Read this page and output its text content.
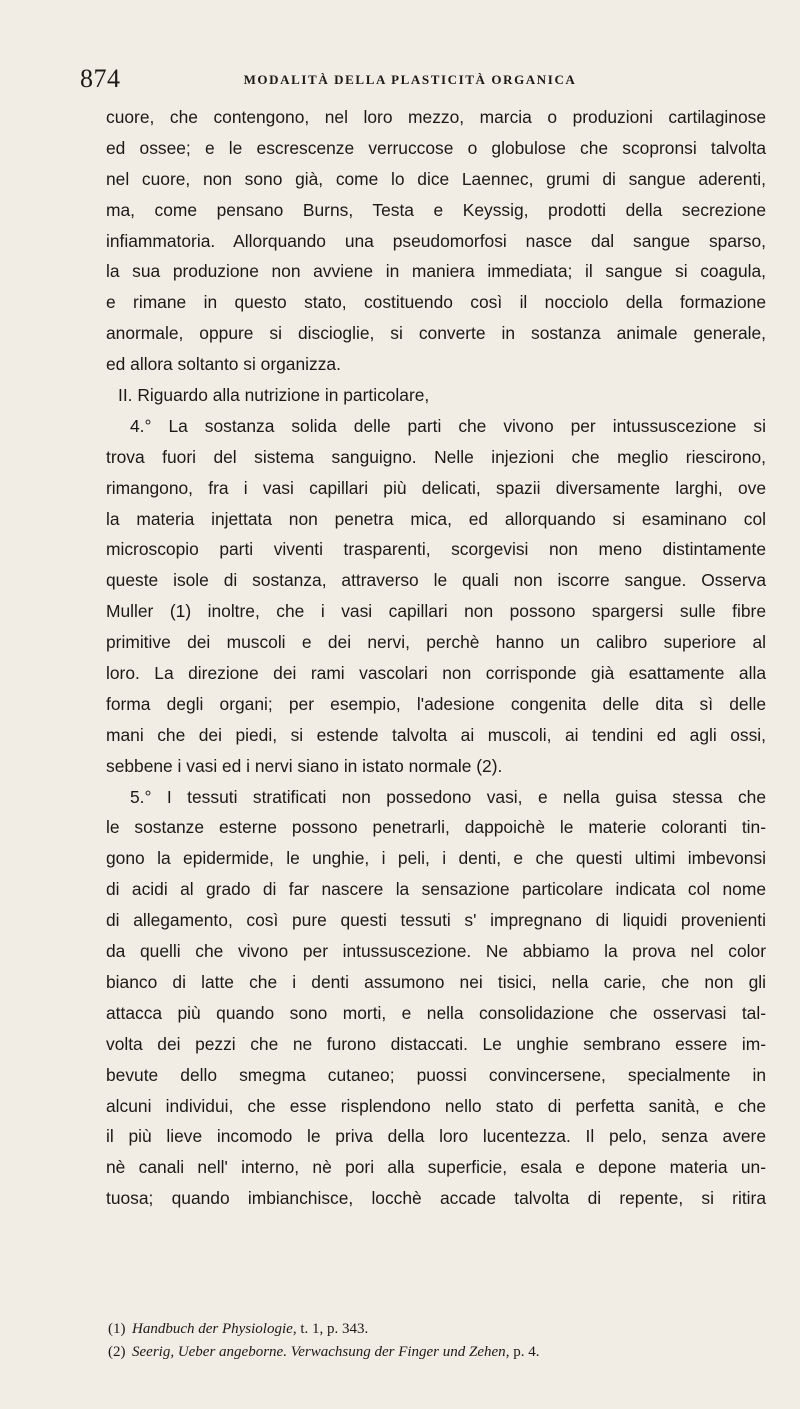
874	MODALITÀ DELLA PLASTICITÀ ORGANICA
cuore, che contengono, nel loro mezzo, marcia o produzioni cartilaginose
ed ossee; e le escrescenze verruccose o globulose che scopronsi talvolta
nel cuore, non sono già, come lo dice Laennec, grumi di sangue aderenti,
ma, come pensano Burns, Testa e Keyssig, prodotti della secrezione
infiammatoria. Allorquando una pseudomorfosi nasce dal sangue sparso,
la sua produzione non avviene in maniera immediata; il sangue si coagula,
e rimane in questo stato, costituendo così il nocciolo della formazione
anormale, oppure si discioglie, si converte in sostanza animale generale,
ed allora soltanto si organizza.
II. Riguardo alla nutrizione in particolare,
4.° La sostanza solida delle parti che vivono per intussuscezione si
trova fuori del sistema sanguigno. Nelle injezioni che meglio riescirono,
rimangono, fra i vasi capillari più delicati, spazii diversamente larghi, ove
la materia injettata non penetra mica, ed allorquando si esaminano col
microscopio parti viventi trasparenti, scorgevisi non meno distintamente
queste isole di sostanza, attraverso le quali non iscorre sangue. Osserva
Muller (1) inoltre, che i vasi capillari non possono spargersi sulle fibre
primitive dei muscoli e dei nervi, perchè hanno un calibro superiore al
loro. La direzione dei rami vascolari non corrisponde già esattamente alla
forma degli organi; per esempio, l'adesione congenita delle dita sì delle
mani che dei piedi, si estende talvolta ai muscoli, ai tendini ed agli ossi,
sebbene i vasi ed i nervi siano in istato normale (2).
5.° I tessuti stratificati non possedono vasi, e nella guisa stessa che
le sostanze esterne possono penetrarli, dappoichè le materie coloranti tin-
gono la epidermide, le unghie, i peli, i denti, e che questi ultimi imbevonsi
di acidi al grado di far nascere la sensazione particolare indicata col nome
di allegamento, così pure questi tessuti s' impregnano di liquidi provenienti
da quelli che vivono per intussuscezione. Ne abbiamo la prova nel color
bianco di latte che i denti assumono nei tisici, nella carie, che non gli
attacca più quando sono morti, e nella consolidazione che osservasi tal-
volta dei pezzi che ne furono distaccati. Le unghie sembrano essere im-
bevute dello smegma cutaneo; puossi convincersene, specialmente in
alcuni individui, che esse risplendono nello stato di perfetta sanità, e che
il più lieve incomodo le priva della loro lucentezza. Il pelo, senza avere
nè canali nell' interno, nè pori alla superficie, esala e depone materia un-
tuosa; quando imbianchisce, locchè accade talvolta di repente, si ritira
(1) Handbuch der Physiologie, t. 1, p. 343.
(2) Seerig, Ueber angeborne. Verwachsung der Finger und Zehen, p. 4.
